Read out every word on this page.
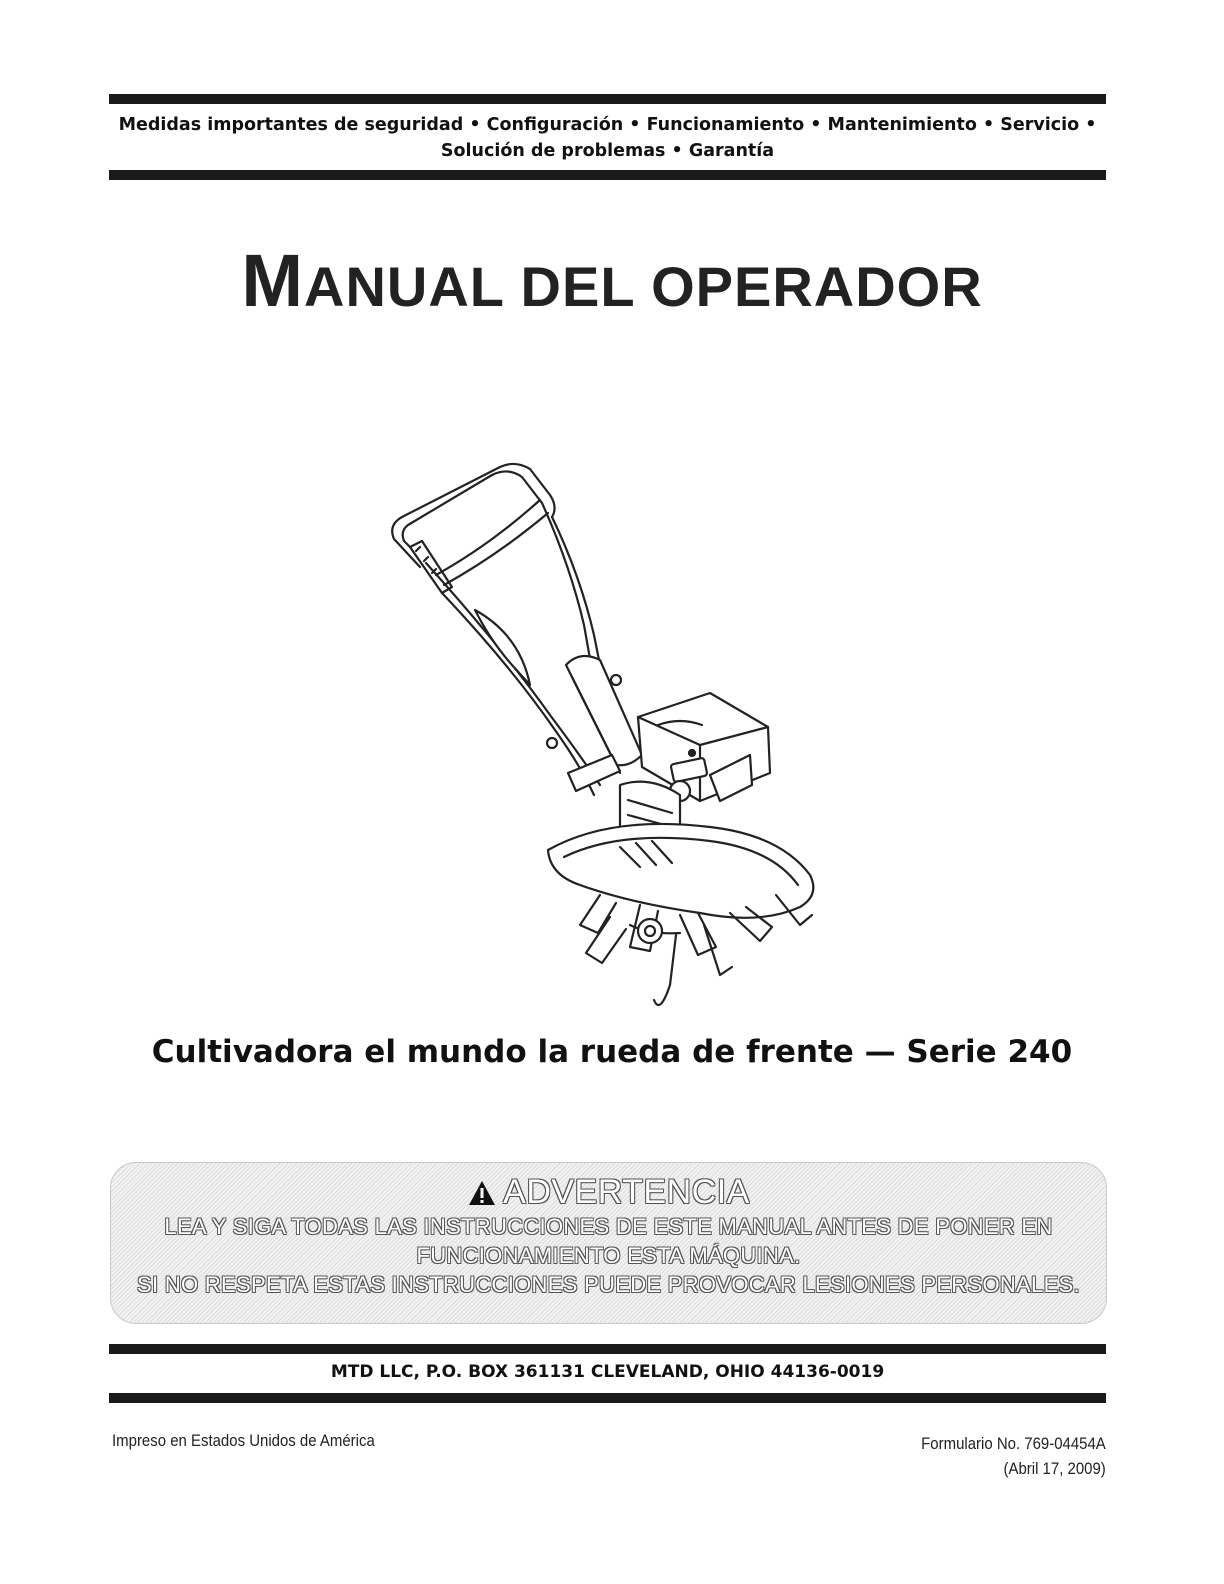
Medidas importantes de seguridad • Configuración • Funcionamiento • Mantenimiento • Servicio •
Solución de problemas • Garantía
MANUAL DEL OPERADOR
Cultivadora el mundo la rueda de frente — Serie 240
ADVERTENCIA
LEA Y SIGA TODAS LAS INSTRUCCIONES DE ESTE MANUAL ANTES DE PONER EN
FUNCIONAMIENTO ESTA MÁQUINA.
SI NO RESPETA ESTAS INSTRUCCIONES PUEDE PROVOCAR LESIONES PERSONALES.
MTD LLC, P.O. BOX 361131 CLEVELAND, OHIO 44136-0019
Impreso en Estados Unidos de América	Formulario No. 769-04454A
(Abril 17, 2009)
